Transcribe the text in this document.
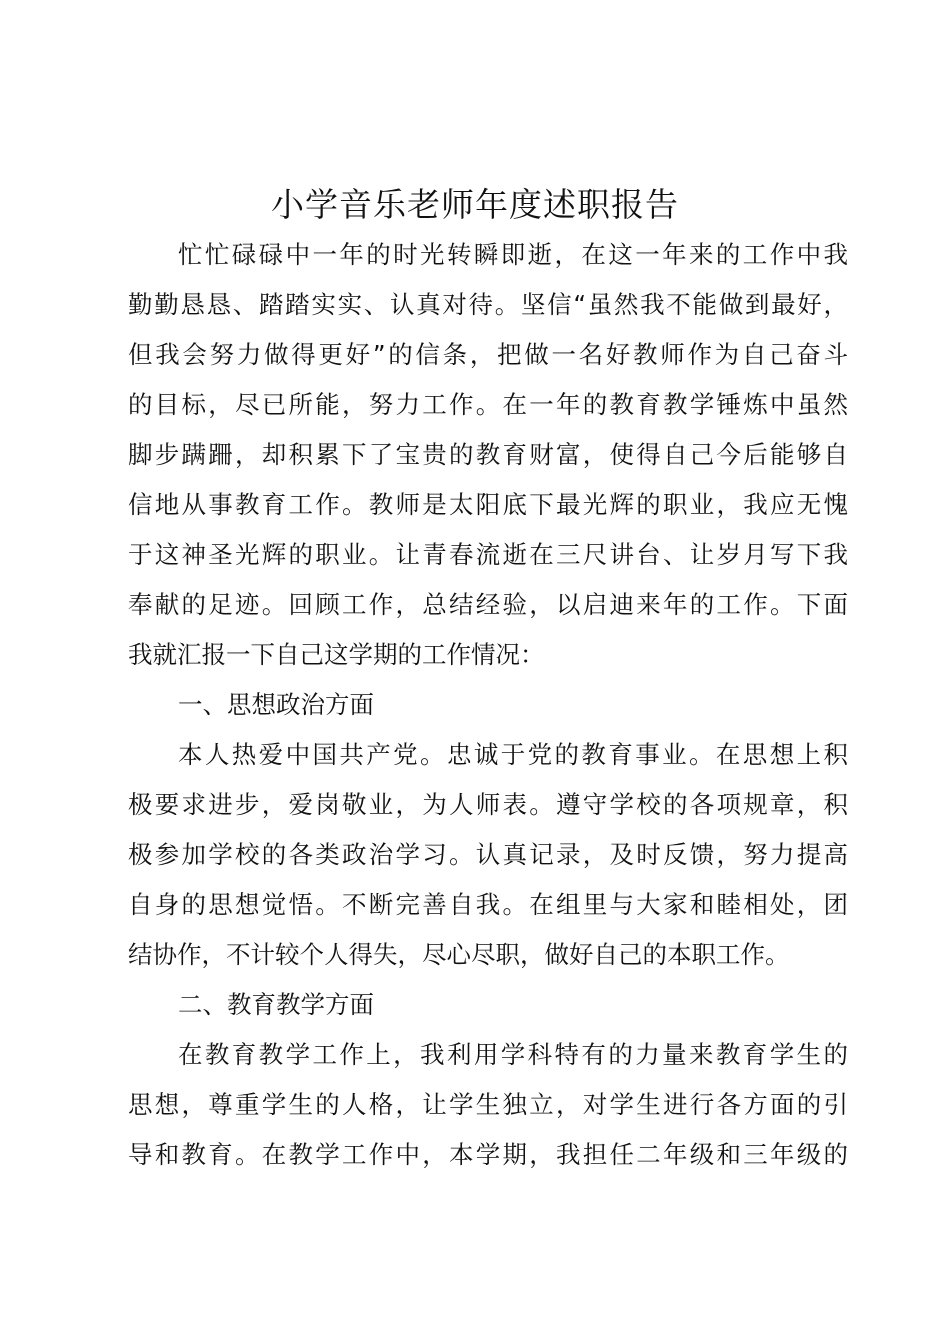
小学音乐老师年度述职报告

忙忙碌碌中一年的时光转瞬即逝，在这一年来的工作中我

勤勤恳恳、踏踏实实、认真对待。坚信“虽然我不能做到最好，

但我会努力做得更好”的信条，把做一名好教师作为自己奋斗

的目标，尽已所能，努力工作。在一年的教育教学锤炼中虽然

脚步蹒跚，却积累下了宝贵的教育财富，使得自己今后能够自

信地从事教育工作。教师是太阳底下最光辉的职业，我应无愧

于这神圣光辉的职业。让青春流逝在三尺讲台、让岁月写下我

奉献的足迹。回顾工作，总结经验，以启迪来年的工作。下面

我就汇报一下自己这学期的工作情况：

一、思想政治方面

本人热爱中国共产党。忠诚于党的教育事业。在思想上积

极要求进步，爱岗敬业，为人师表。遵守学校的各项规章，积

极参加学校的各类政治学习。认真记录，及时反馈，努力提高

自身的思想觉悟。不断完善自我。在组里与大家和睦相处，团

结协作，不计较个人得失，尽心尽职，做好自己的本职工作。

二、教育教学方面

在教育教学工作上，我利用学科特有的力量来教育学生的

思想，尊重学生的人格，让学生独立，对学生进行各方面的引

导和教育。在教学工作中，本学期，我担任二年级和三年级的
